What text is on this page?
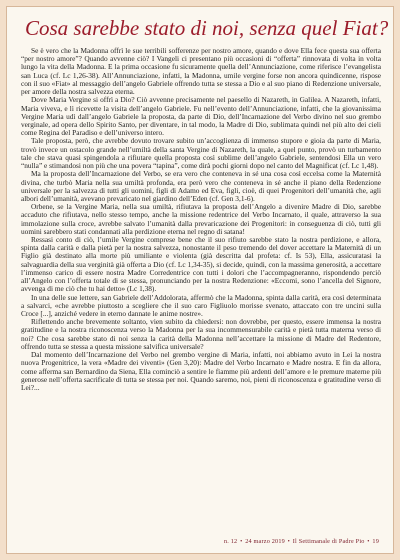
Cosa sarebbe stato di noi, senza quel Fiat?

Se è vero che la Madonna offrì le sue terribili sofferenze per nostro amore, quando e dove Ella fece questa sua offerta “per nostro amore”? Quando avvenne ciò? I Vangeli ci presentano più occasioni di “offerta” rinnovata di volta in volta lungo la vita della Madonna. E la prima occasione fu sicuramente quella dell’Annunciazione, come riferisce l’evangelista san Luca (cf. Lc 1,26-38). All’Annunciazione, infatti, la Madonna, umile vergine forse non ancora quindicenne, rispose con il suo «Fiat» al messaggio dell’angelo Gabriele offrendo tutta se stessa a Dio e al suo piano di Redenzione universale, per amore della nostra salvezza eterna.

Dove Maria Vergine si offrì a Dio? Ciò avvenne precisamente nel paesello di Nazareth, in Galilea. A Nazareth, infatti, Maria viveva, e lì ricevette la visita dell’angelo Gabriele. Fu nell’evento dell’Annunciazione, infatti, che la giovanissima Vergine Maria udì dall’angelo Gabriele la proposta, da parte di Dio, dell’Incarnazione del Verbo divino nel suo grembo verginale, ad opera dello Spirito Santo, per diventare, in tal modo, la Madre di Dio, sublimata quindi nel più alto dei cieli come Regina del Paradiso e dell’universo intero.

Tale proposta, però, che avrebbe dovuto trovare subito un’accoglienza di immenso stupore e gioia da parte di Maria, trovò invece un ostacolo grande nell’umiltà della santa Vergine di Nazareth, la quale, a quel punto, provò un turbamento tale che stava quasi spingendola a rifiutare quella proposta così sublime dell’angelo Gabriele, sentendosi Ella un vero “nulla” e stimandosi non più che una povera “tapina”, come dirà pochi giorni dopo nel canto del Magnificat (cf. Lc 1,48).

Ma la proposta dell’Incarnazione del Verbo, se era vero che conteneva in sé una cosa così eccelsa come la Maternità divina, che turbò Maria nella sua umiltà profonda, era però vero che conteneva in sé anche il piano della Redenzione universale per la salvezza di tutti gli uomini, figli di Adamo ed Eva, figli, cioè, di quei Progenitori dell’umanità che, agli albori dell’umanità, avevano prevaricato nel giardino dell’Eden (cf. Gen 3,1-6).

Orbene, se la Vergine Maria, nella sua umiltà, rifiutava la proposta dell’Angelo a divenire Madre di Dio, sarebbe accaduto che rifiutava, nello stesso tempo, anche la missione redentrice del Verbo Incarnato, il quale, attraverso la sua immolazione sulla croce, avrebbe salvato l’umanità dalla prevaricazione dei Progenitori: in conseguenza di ciò, tutti gli uomini sarebbero stati condannati alla perdizione eterna nel regno di satana!

Ressasi conto di ciò, l’umile Vergine comprese bene che il suo rifiuto sarebbe stato la nostra perdizione, e allora, spinta dalla carità e dalla pietà per la nostra salvezza, nonostante il peso tremendo del dover accettare la Maternità di un Figlio già destinato alla morte più umiliante e violenta (già descritta dal profeta: cf. Is 53), Ella, assicuratasi la salvaguardia della sua verginità già offerta a Dio (cf. Lc 1,34-35), si decide, quindi, con la massima generosità, a accettare l’immenso carico di essere nostra Madre Corredentrice con tutti i dolori che l’accompagneranno, rispondendo perciò all’Angelo con l’offerta totale di se stessa, pronunciando per la nostra Redenzione: «Eccomi, sono l’ancella del Signore, avvenga di me ciò che tu hai detto» (Lc 1,38).

In una delle sue lettere, san Gabriele dell’Addolorata, affermò che la Madonna, spinta dalla carità, era così determinata a salvarci, «che avrebbe piuttosto a scegliere che il suo caro Figliuolo morisse svenato, attaccato con tre uncini sulla Croce [...], anziché vedere in eterno dannate le anime nostre».

Riflettendo anche brevemente soltanto, vien subito da chiedersi: non dovrebbe, per questo, essere immensa la nostra gratitudine e la nostra riconoscenza verso la Madonna per la sua incommensurabile carità e pietà tutta materna verso di noi? Che cosa sarebbe stato di noi senza la carità della Madonna nell’accettare la missione di Madre del Redentore, offrendo tutta se stessa a questa missione salvifica universale?

Dal momento dell’Incarnazione del Verbo nel grembo vergine di Maria, infatti, noi abbiamo avuto in Lei la nostra nuova Progenitrice, la vera «Madre dei viventi» (Gen 3,20): Madre del Verbo Incarnato e Madre nostra. E fin da allora, come afferma san Bernardino da Siena, Ella cominciò a sentire le fiamme più ardenti dell’amore e le premure materne più generose nell’offerta sacrificale di tutta se stessa per noi. Quando saremo, noi, pieni di riconoscenza e gratitudine verso di Lei?...

n. 12 • 24 marzo 2019 • Il Settimanale di Padre Pio • 19
